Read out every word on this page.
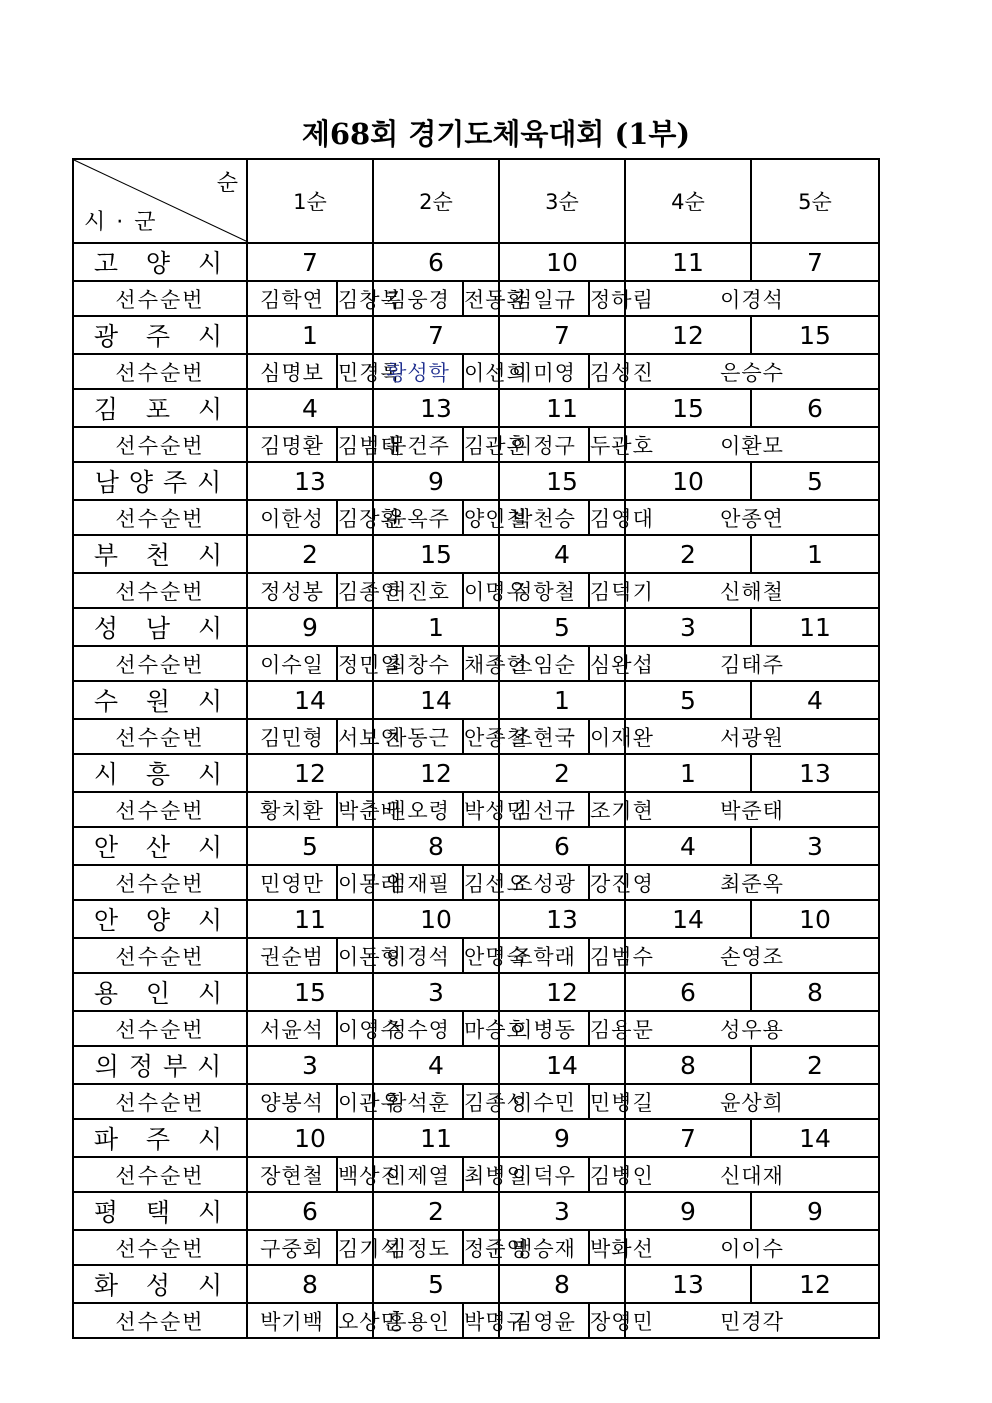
제68회 경기도체육대회 (1부)
순
시 · 군	1순		2순		3순		4순	5순
고 양 시	7		6		10		11	7
선수순번	김학연	김창복	김웅경	전동환	김일규	정하림	이경석	
광 주 시	1		7		7		12	15
선수순번	심명보	민경록	황성학	이선희	이미영	김성진	은승수	
김 포 시	4		13		11		15	6
선수순번	김명환	김범태	문건주	김관훈	이정구	두관호	이환모	
남양주시	13		9		15		10	5
선수순번	이한성	김장환	윤옥주	양인철	박천승	김영대	안종연	
부 천 시	2		15		4		2	1
선수순번	정성봉	김종인	허진호	이명우	정항철	김덕기	신해철	
성 남 시	9		1		5		3	11
선수순번	이수일	정민일	최창수	채종헌	소임순	심완섭	김태주	
수 원 시	14		14		1		5	4
선수순번	김민형	서보언	차동근	안종철	조현국	이재완	서광원	
시 흥 시	12		12		2		1	13
선수순번	황치환	박춘배	권오령	박성민	김선규	조기현	박준태	
안 산 시	5		8		6		4	3
선수순번	민영만	이몽래	엄재필	김선오	조성광	강진영	최준옥	
안 양 시	11		10		13		14	10
선수순번	권순범	이돈형	이경석	안명숙	조학래	김범수	손영조	
용 인 시	15		3		12		6	8
선수순번	서윤석	이영수	정수영	마승호	이병동	김용문	성우용	
의정부시	3		4		14		8	2
선수순번	양봉석	이관우	황석훈	김종성	이수민	민병길	윤상희	
파 주 시	10		11		9		7	14
선수순번	장현철	백상진	이제열	최병일	이덕우	김병인	신대재	
평 택 시	6		2		3		9	9
선수순번	구중회	김기석	김정도	정준영	맹승재	박화선	이이수	
화 성 시	8		5		8		13	12
선수순번	박기백	오상민	홍용인	박명규	김영윤	장영민	민경각	
